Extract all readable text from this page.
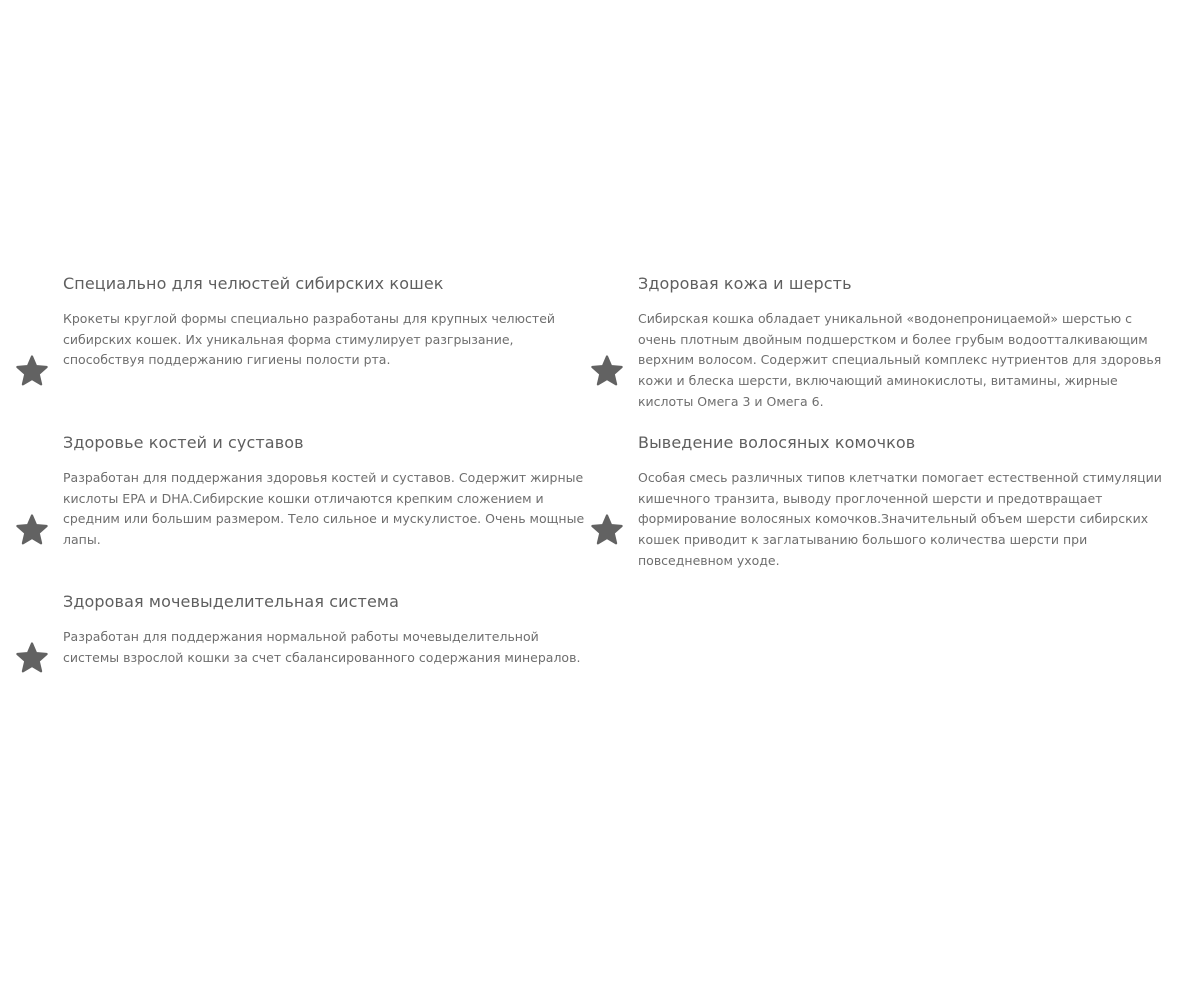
Специально для челюстей сибирских кошек

Крокеты круглой формы специально разработаны для крупных челюстей сибирских кошек. Их уникальная форма стимулирует разгрызание, способствуя поддержанию гигиены полости рта.

Здоровая кожа и шерсть

Сибирская кошка обладает уникальной «водонепроницаемой» шерстью с очень плотным двойным подшерстком и более грубым водоотталкивающим верхним волосом. Содержит специальный комплекс нутриентов для здоровья кожи и блеска шерсти, включающий аминокислоты, витамины, жирные кислоты Омега 3 и Омега 6.

Здоровье костей и суставов

Разработан для поддержания здоровья костей и суставов. Содержит жирные кислоты EPA и DHA.Сибирские кошки отличаются крепким сложением и средним или большим размером. Тело сильное и мускулистое. Очень мощные лапы.

Выведение волосяных комочков

Особая смесь различных типов клетчатки помогает естественной стимуляции кишечного транзита, выводу проглоченной шерсти и предотвращает формирование волосяных комочков.Значительный объем шерсти сибирских кошек приводит к заглатыванию большого количества шерсти при повседневном уходе.

Здоровая мочевыделительная система

Разработан для поддержания нормальной работы мочевыделительной системы взрослой кошки за счет сбалансированного содержания минералов.
